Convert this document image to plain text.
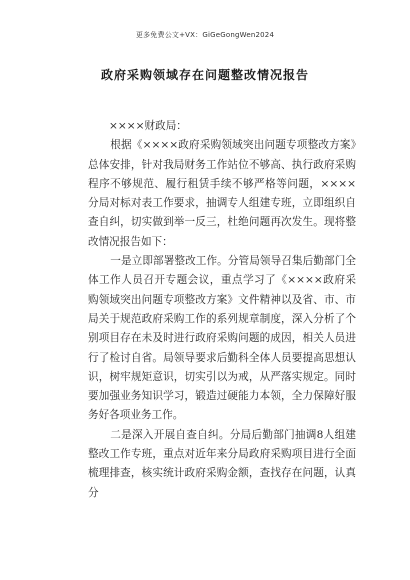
更多免费公文+VX：GiGeGongWen2024
政府采购领域存在问题整改情况报告

××××财政局：

根据《××××政府采购领域突出问题专项整改方案》总体安排，针对我局财务工作站位不够高、执行政府采购程序不够规范、履行租赁手续不够严格等问题，××××分局对标对表工作要求，抽调专人组建专班，立即组织自查自纠，切实做到举一反三，杜绝问题再次发生。现将整改情况报告如下：

一是立即部署整改工作。分管局领导召集后勤部门全体工作人员召开专题会议，重点学习了《××××政府采购领域突出问题专项整改方案》文件精神以及省、市、市局关于规范政府采购工作的系列规章制度，深入分析了个别项目存在未及时进行政府采购问题的成因，相关人员进行了检讨自省。局领导要求后勤科全体人员要提高思想认识，树牢规矩意识，切实引以为戒，从严落实规定。同时要加强业务知识学习，锻造过硬能力本领，全力保障好服务好各项业务工作。

二是深入开展自查自纠。分局后勤部门抽调8人组建整改工作专班，重点对近年来分局政府采购项目进行全面梳理排查，核实统计政府采购金额，查找存在问题，认真分
